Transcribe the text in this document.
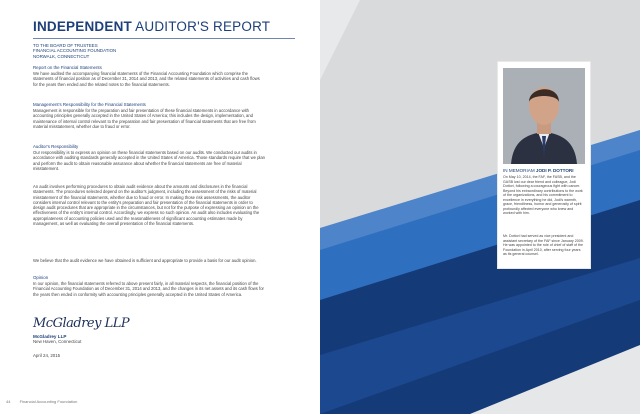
INDEPENDENT AUDITOR'S REPORT
TO THE BOARD OF TRUSTEES
FINANCIAL ACCOUNTING FOUNDATION
NORWALK, CONNECTICUT
Report on the Financial Statements
We have audited the accompanying financial statements of the Financial Accounting Foundation which comprise the statements of financial position as of December 31, 2014 and 2013, and the related statements of activities and cash flows for the years then ended and the related notes to the financial statements.
Management's Responsibility for the Financial Statements
Management is responsible for the preparation and fair presentation of these financial statements in accordance with accounting principles generally accepted in the United States of America; this includes the design, implementation, and maintenance of internal control relevant to the preparation and fair presentation of financial statements that are free from material misstatement, whether due to fraud or error.
Auditor's Responsibility
Our responsibility is to express an opinion on these financial statements based on our audits. We conducted our audits in accordance with auditing standards generally accepted in the United States of America. Those standards require that we plan and perform the audit to obtain reasonable assurance about whether the financial statements are free of material misstatement.
An audit involves performing procedures to obtain audit evidence about the amounts and disclosures in the financial statements. The procedures selected depend on the auditor's judgment, including the assessment of the risks of material misstatement of the financial statements, whether due to fraud or error. In making those risk assessments, the auditor considers internal control relevant to the entity's preparation and fair presentation of the financial statements in order to design audit procedures that are appropriate in the circumstances, but not for the purpose of expressing an opinion on the effectiveness of the entity's internal control. Accordingly, we express no such opinion. An audit also includes evaluating the appropriateness of accounting policies used and the reasonableness of significant accounting estimates made by management, as well as evaluating the overall presentation of the financial statements.
We believe that the audit evidence we have obtained is sufficient and appropriate to provide a basis for our audit opinion.
Opinion
In our opinion, the financial statements referred to above present fairly, in all material respects, the financial position of the Financial Accounting Foundation as of December 31, 2014 and 2013, and the changes in its net assets and its cash flows for the years then ended in conformity with accounting principles generally accepted in the United States of America.
McGladrey LLP
McGladrey LLP
New Haven, Connecticut
April 24, 2015
44 Financial Accounting Foundation
IN MEMORIAM JODI P. DOTTORI
On May 10, 2014, the FAF, the FASB, and the GASB lost our dear friend and colleague, Jodi Dottori, following a courageous fight with cancer. Beyond his extraordinary contributions to the work of the organizations, and his commitment to excellence in everything he did, Jodi's warmth, grace, friendliness, humor and generosity of spirit profoundly affected everyone who knew and worked with him.
Mr. Dottori had served as vice president and assistant secretary of the FAF since January 2009. He was appointed to the role of chief of staff of the Foundation in April 2010, after serving four years as its general counsel.
